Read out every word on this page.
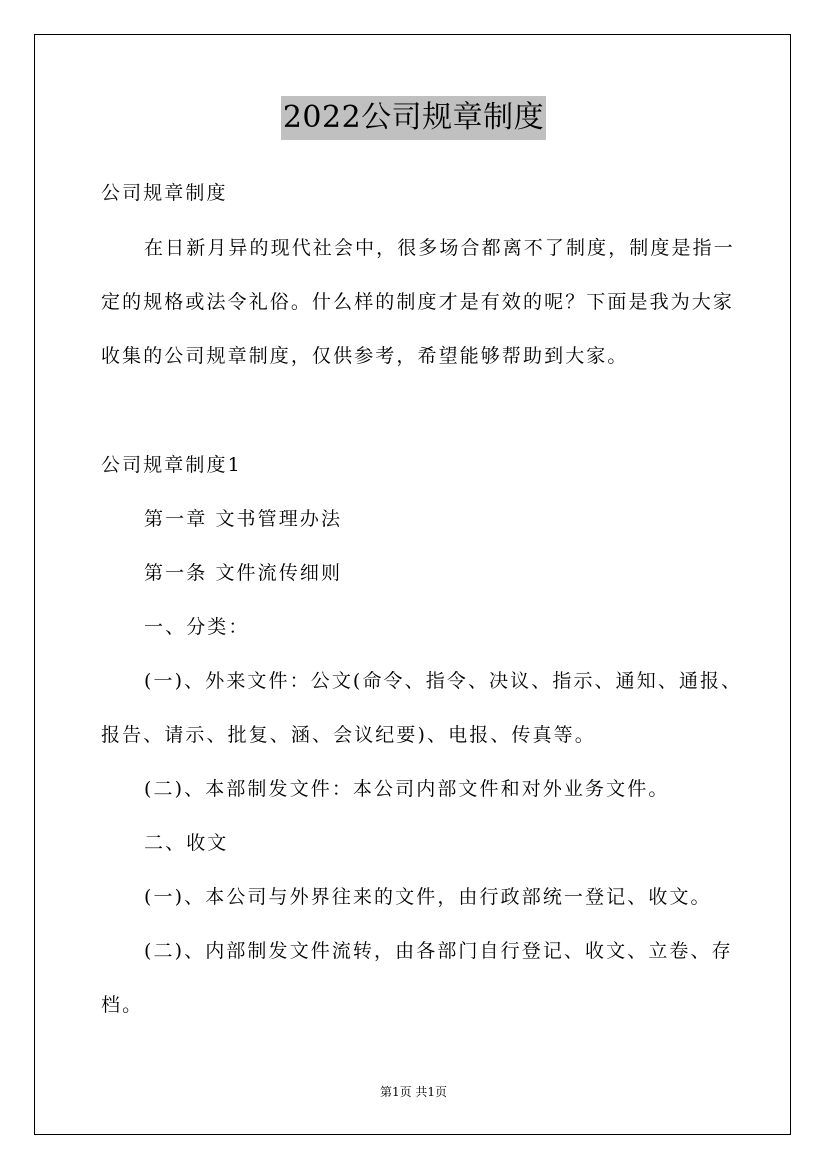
2022公司规章制度
公司规章制度
在日新月异的现代社会中，很多场合都离不了制度，制度是指一
定的规格或法令礼俗。什么样的制度才是有效的呢？下面是我为大家
收集的公司规章制度，仅供参考，希望能够帮助到大家。
公司规章制度1
第一章 文书管理办法
第一条 文件流传细则
一、分类：
(一)、外来文件：公文(命令、指令、决议、指示、通知、通报、
报告、请示、批复、涵、会议纪要)、电报、传真等。
(二)、本部制发文件：本公司内部文件和对外业务文件。
二、收文
(一)、本公司与外界往来的文件，由行政部统一登记、收文。
(二)、内部制发文件流转，由各部门自行登记、收文、立卷、存
档。
第1页 共1页
